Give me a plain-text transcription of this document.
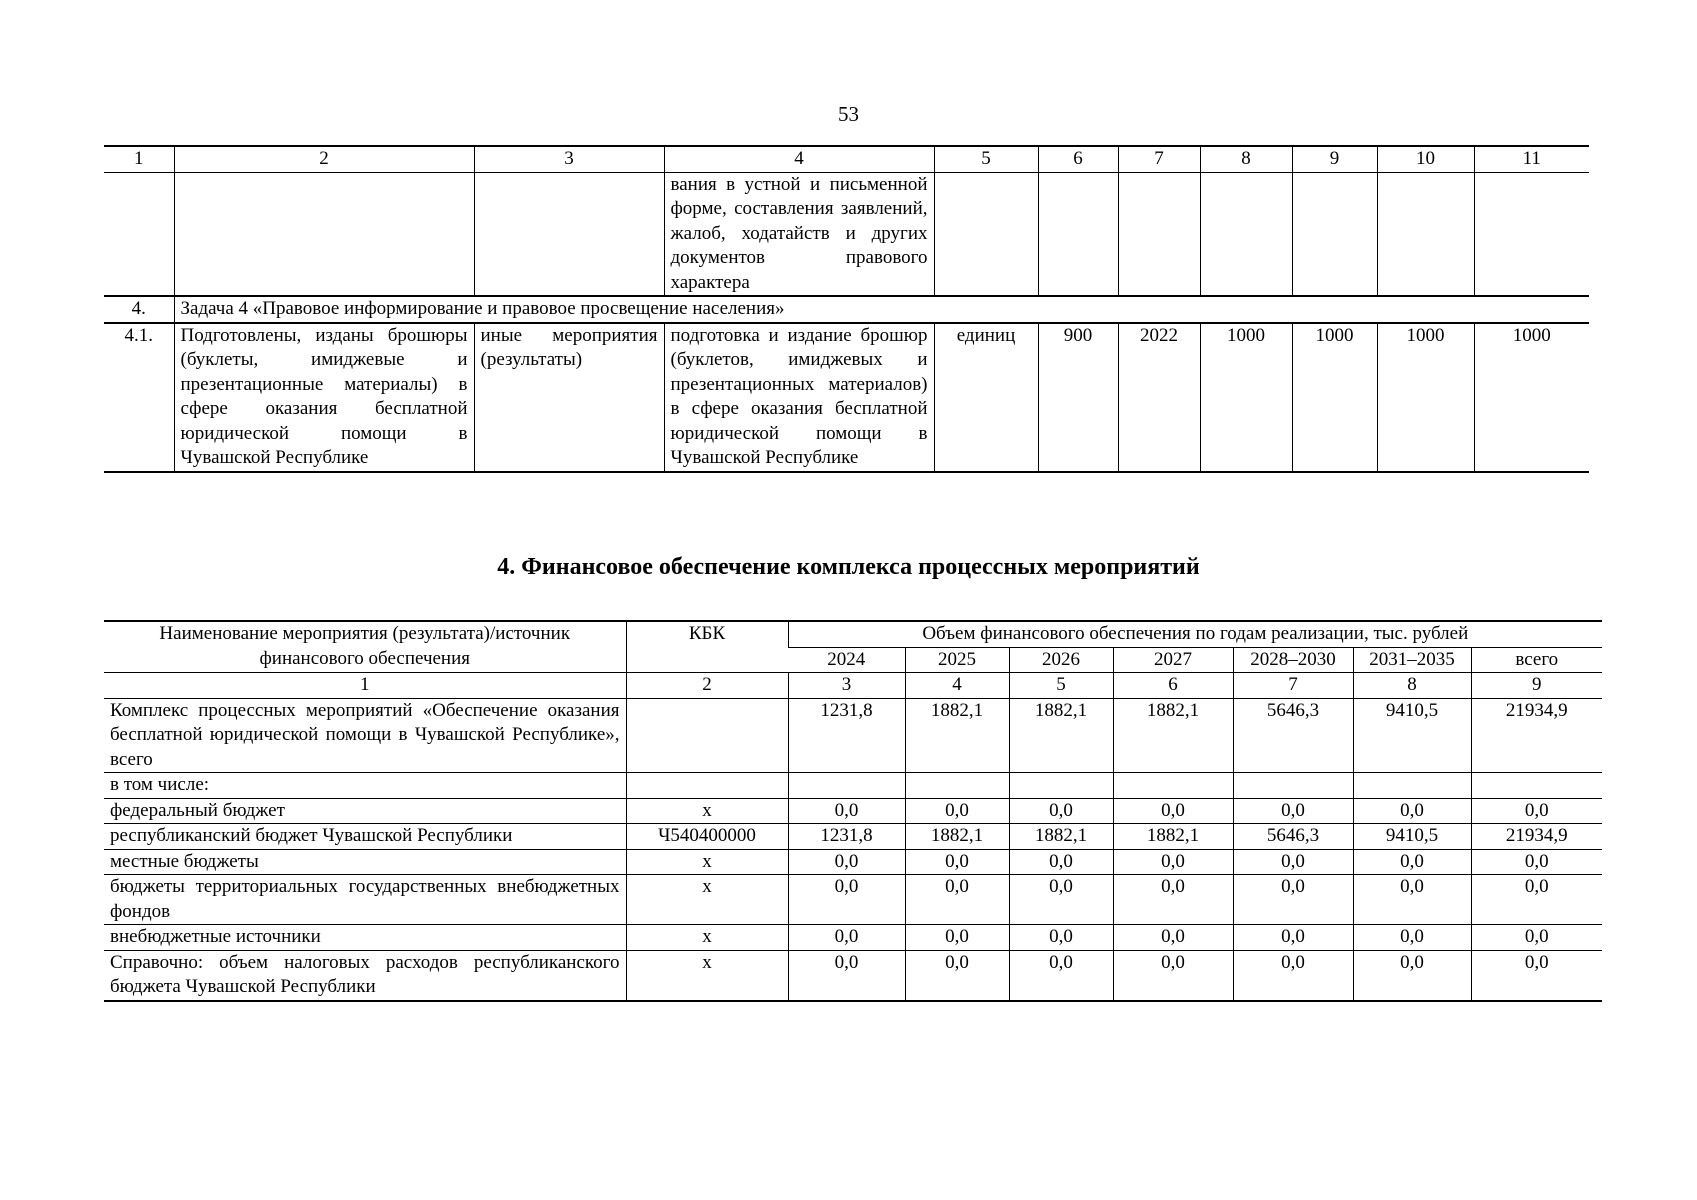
53
1	2	3	4	5	6	7	8	9	10	11
			вания в устной и письменной форме, составления заявлений, жалоб, ходатайств и других документов правового характера							
4.	Задача 4 «Правовое информирование и правовое просвещение населения»									
4.1.	Подготовлены, изданы брошюры (буклеты, имиджевые и презентационные материалы) в сфере оказания бесплатной юридической помощи в Чувашской Республике	иные мероприятия (результаты)	подготовка и издание брошюр (буклетов, имиджевых и презентационных материалов) в сфере оказания бесплатной юридической помощи в Чувашской Республике	единиц	900	2022	1000	1000	1000	1000
4. Финансовое обеспечение комплекса процессных мероприятий
Наименование мероприятия (результата)/источник финансового обеспечения	КБК	Объем финансового обеспечения по годам реализации, тыс. рублей						
		2024	2025	2026	2027	2028–2030	2031–2035	всего
1	2	3	4	5	6	7	8	9
Комплекс процессных мероприятий «Обеспечение оказания бесплатной юридической помощи в Чувашской Республике», всего		1231,8	1882,1	1882,1	1882,1	5646,3	9410,5	21934,9
в том числе:								
федеральный бюджет	х	0,0	0,0	0,0	0,0	0,0	0,0	0,0
республиканский бюджет Чувашской Республики	Ч540400000	1231,8	1882,1	1882,1	1882,1	5646,3	9410,5	21934,9
местные бюджеты	х	0,0	0,0	0,0	0,0	0,0	0,0	0,0
бюджеты территориальных государственных внебюджетных фондов	х	0,0	0,0	0,0	0,0	0,0	0,0	0,0
внебюджетные источники	х	0,0	0,0	0,0	0,0	0,0	0,0	0,0
Справочно: объем налоговых расходов республиканского бюджета Чувашской Республики	х	0,0	0,0	0,0	0,0	0,0	0,0	0,0
